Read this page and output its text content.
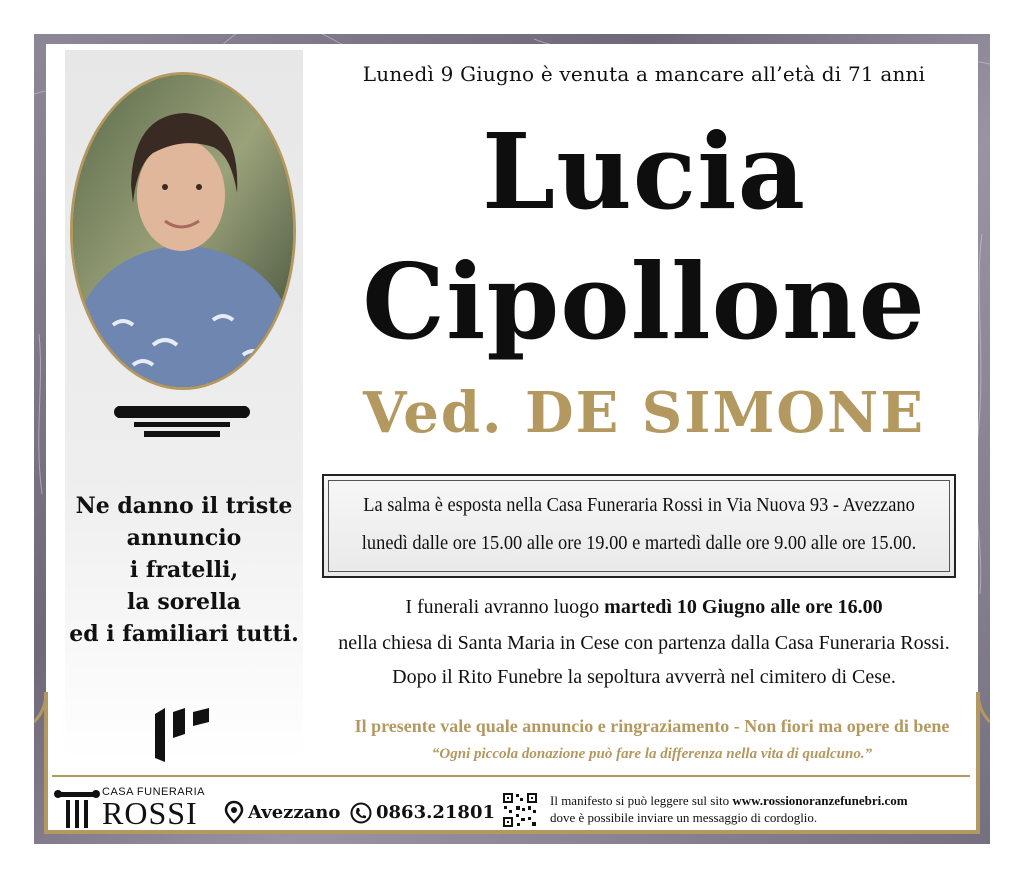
Ne danno il triste
annuncio
i fratelli,
la sorella
ed i familiari tutti.
Lunedì 9 Giugno è venuta a mancare all’età di 71 anni
Lucia
Cipollone
Ved. DE SIMONE
La salma è esposta nella Casa Funeraria Rossi in Via Nuova 93 - Avezzano
lunedì dalle ore 15.00 alle ore 19.00 e martedì dalle ore 9.00 alle ore 15.00.
I funerali avranno luogo martedì 10 Giugno alle ore 16.00
nella chiesa di Santa Maria in Cese con partenza dalla Casa Funeraria Rossi.
Dopo il Rito Funebre la sepoltura avverrà nel cimitero di Cese.
Il presente vale quale annuncio e ringraziamento - Non fiori ma opere di bene
“Ogni piccola donazione può fare la differenza nella vita di qualcuno.”
CASA FUNERARIA
ROSSI	Avezzano 0863.21801
Il manifesto si può leggere sul sito www.rossionoranzefunebri.com
dove è possibile inviare un messaggio di cordoglio.
